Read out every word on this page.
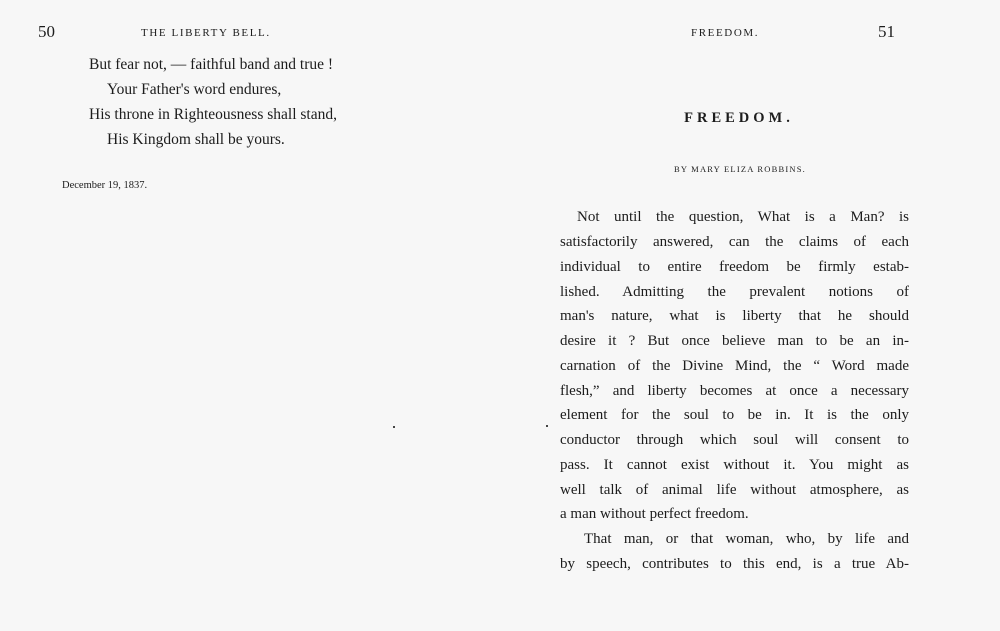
50	THE LIBERTY BELL.
But fear not, — faithful band and true !
Your Father's word endures,
His throne in Righteousness shall stand,
His Kingdom shall be yours.
December 19, 1837.
FREEDOM.	51
FREEDOM.
BY MARY ELIZA ROBBINS.
Not until the question, What is a Man? is
satisfactorily answered, can the claims of each
individual to entire freedom be firmly estab-
lished. Admitting the prevalent notions of
man's nature, what is liberty that he should
desire it ? But once believe man to be an in-
carnation of the Divine Mind, the “ Word made
flesh,” and liberty becomes at once a necessary
element for the soul to be in. It is the only
conductor through which soul will consent to
pass. It cannot exist without it. You might as
well talk of animal life without atmosphere, as
a man without perfect freedom.
That man, or that woman, who, by life and
by speech, contributes to this end, is a true Ab-
